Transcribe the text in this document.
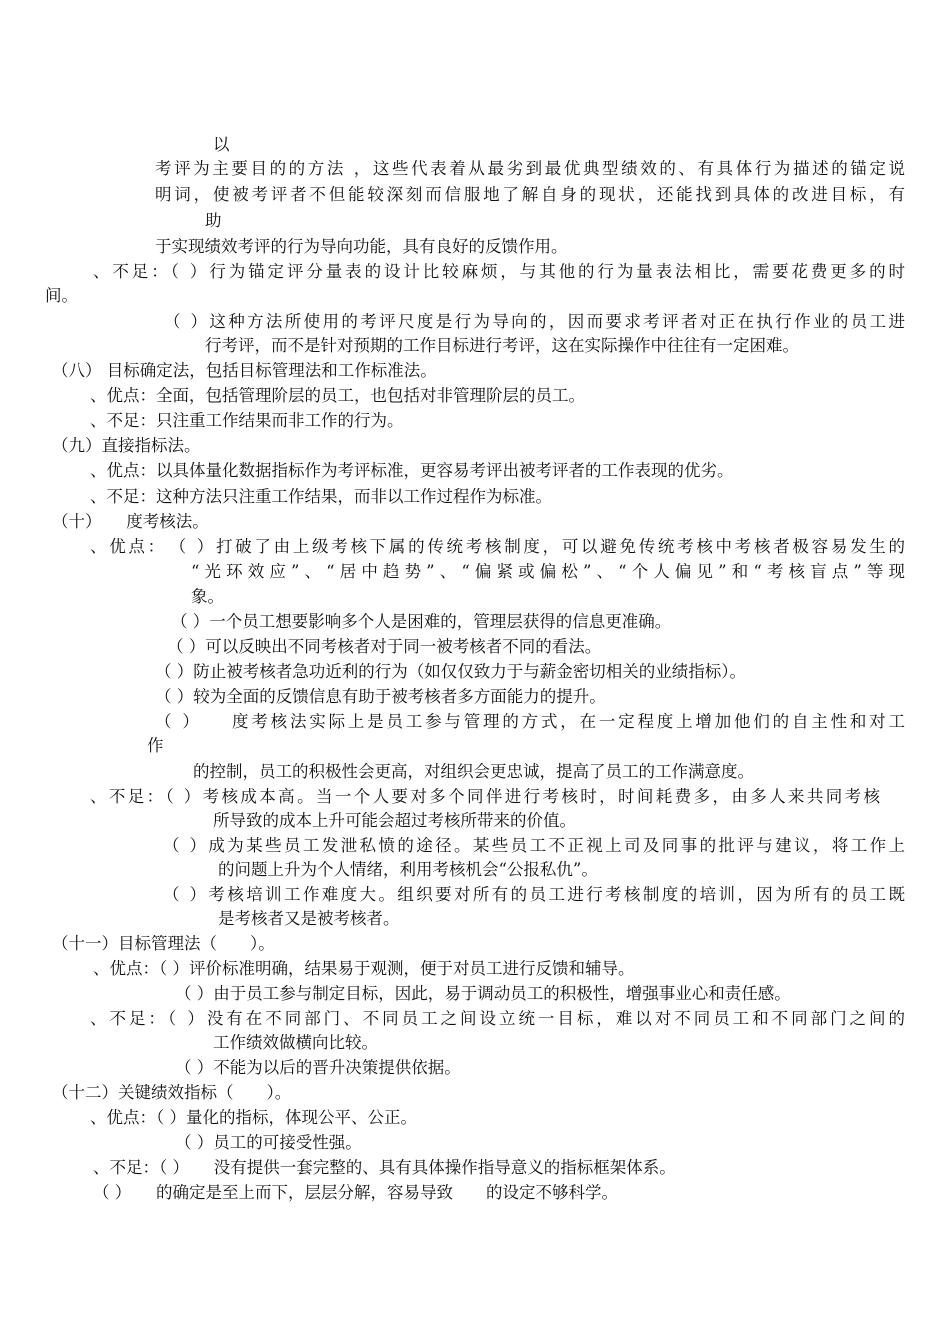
以
考评为主要目的的方法 ，这些代表着从最劣到最优典型绩效的、有具体行为描述的锚定说
明词，使被考评者不但能较深刻而信服地了解自身的现状，还能找到具体的改进目标，有
助
于实现绩效考评的行为导向功能，具有良好的反馈作用。
、不足：（ ）行为锚定评分量表的设计比较麻烦，与其他的行为量表法相比，需要花费更多的时
间。
（ ）这种方法所使用的考评尺度是行为导向的，因而要求考评者对正在执行作业的员工进
行考评，而不是针对预期的工作目标进行考评，这在实际操作中往往有一定困难。
（八） 目标确定法，包括目标管理法和工作标准法。
、优点：全面，包括管理阶层的员工，也包括对非管理阶层的员工。
、不足：只注重工作结果而非工作的行为。
（九）直接指标法。
、优点：以具体量化数据指标作为考评标准，更容易考评出被考评者的工作表现的优劣。
、不足：这种方法只注重工作结果，而非以工作过程作为标准。
（十）　　度考核法。
、优点：　（ ）打破了由上级考核下属的传统考核制度，可以避免传统考核中考核者极容易发生的
“光环效应”、“居中趋势”、“偏紧或偏松”、“个人偏见”和“考核盲点”等现
象。
（ ）一个员工想要影响多个人是困难的，管理层获得的信息更准确。
（ ）可以反映出不同考核者对于同一被考核者不同的看法。
（ ）防止被考核者急功近利的行为（如仅仅致力于与薪金密切相关的业绩指标）。
（ ）较为全面的反馈信息有助于被考核者多方面能力的提升。
（ ）　　度考核法实际上是员工参与管理的方式，在一定程度上增加他们的自主性和对工
作
的控制，员工的积极性会更高，对组织会更忠诚，提高了员工的工作满意度。
、不足：（ ）考核成本高。当一个人要对多个同伴进行考核时，时间耗费多，由多人来共同考核
所导致的成本上升可能会超过考核所带来的价值。
（ ）成为某些员工发泄私愤的途径。某些员工不正视上司及同事的批评与建议，将工作上
的问题上升为个人情绪，利用考核机会“公报私仇”。
（ ）考核培训工作难度大。组织要对所有的员工进行考核制度的培训，因为所有的员工既
是考核者又是被考核者。
（十一）目标管理法（　　）。
、优点：（ ）评价标准明确，结果易于观测，便于对员工进行反馈和辅导。
（ ）由于员工参与制定目标，因此，易于调动员工的积极性，增强事业心和责任感。
、不足：（ ）没有在不同部门、不同员工之间设立统一目标，难以对不同员工和不同部门之间的
工作绩效做横向比较。
（ ）不能为以后的晋升决策提供依据。
（十二）关键绩效指标（　　）。
、优点：（ ）量化的指标，体现公平、公正。
（ ）员工的可接受性强。
、不足：（ ）　　没有提供一套完整的、具有具体操作指导意义的指标框架体系。
（ ）　　的确定是至上而下，层层分解，容易导致　　的设定不够科学。
